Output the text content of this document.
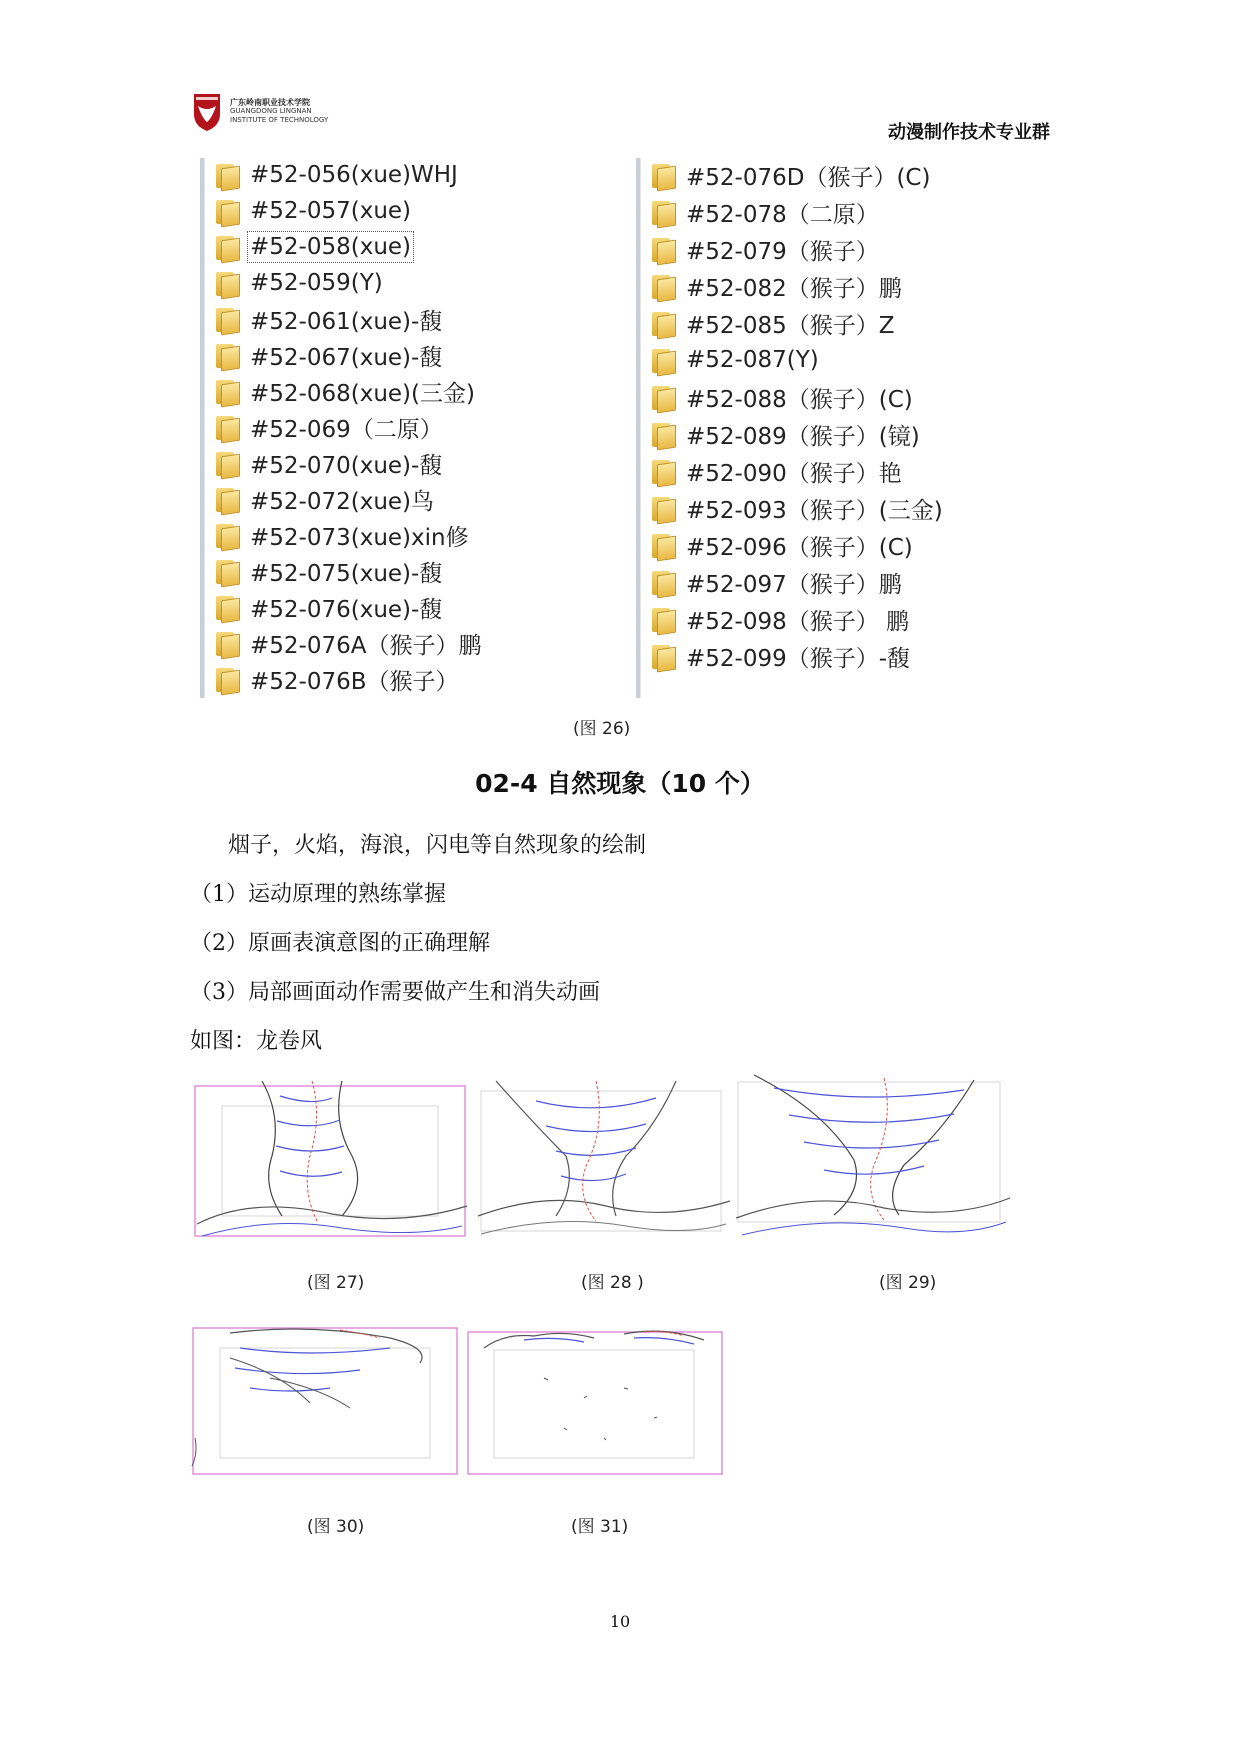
广东岭南职业技术学院
GUANGDONG LINGNAN
INSTITUTE OF TECHNOLOGY
动漫制作技术专业群
#52-056(xue)WHJ
#52-057(xue)
#52-058(xue)
#52-059(Y)
#52-061(xue)-馥
#52-067(xue)-馥
#52-068(xue)(三金)
#52-069（二原）
#52-070(xue)-馥
#52-072(xue)鸟
#52-073(xue)xin修
#52-075(xue)-馥
#52-076(xue)-馥
#52-076A（猴子）鹏
#52-076B（猴子）
#52-076D（猴子）(C)
#52-078（二原）
#52-079（猴子）
#52-082（猴子）鹏
#52-085（猴子）Z
#52-087(Y)
#52-088（猴子）(C)
#52-089（猴子）(镜)
#52-090（猴子）艳
#52-093（猴子）(三金)
#52-096（猴子）(C)
#52-097（猴子）鹏
#52-098（猴子） 鹏
#52-099（猴子）-馥
(图 26)
02-4 自然现象（10 个）
烟子，火焰，海浪，闪电等自然现象的绘制
（1）运动原理的熟练掌握
（2）原画表演意图的正确理解
（3）局部画面动作需要做产生和消失动画
如图：龙卷风
(图 27)	(图 28 )	(图 29)
(图 30)	(图 31)
10
